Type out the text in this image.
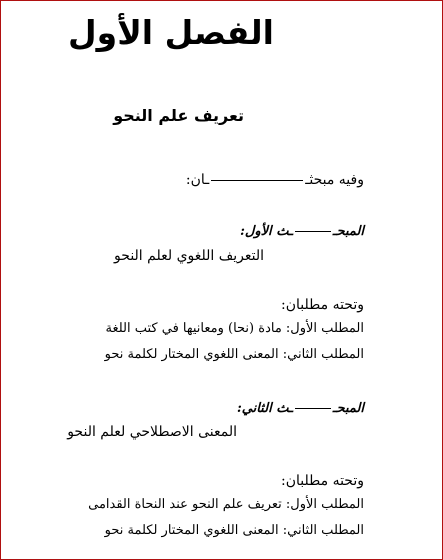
الفصل الأول
تعريف علم النحو
وفيه مبحثــان:
المبحــث الأول:
التعريف اللغوي لعلم النحو
وتحته مطلبان:
المطلب الأول: مادة (نحا) ومعانيها في كتب اللغة
المطلب الثاني: المعنى اللغوي المختار لكلمة نحو
المبحــث الثاني:
المعنى الاصطلاحي لعلم النحو
وتحته مطلبان:
المطلب الأول: تعريف علم النحو عند النحاة القدامى
المطلب الثاني: المعنى اللغوي المختار لكلمة نحو
